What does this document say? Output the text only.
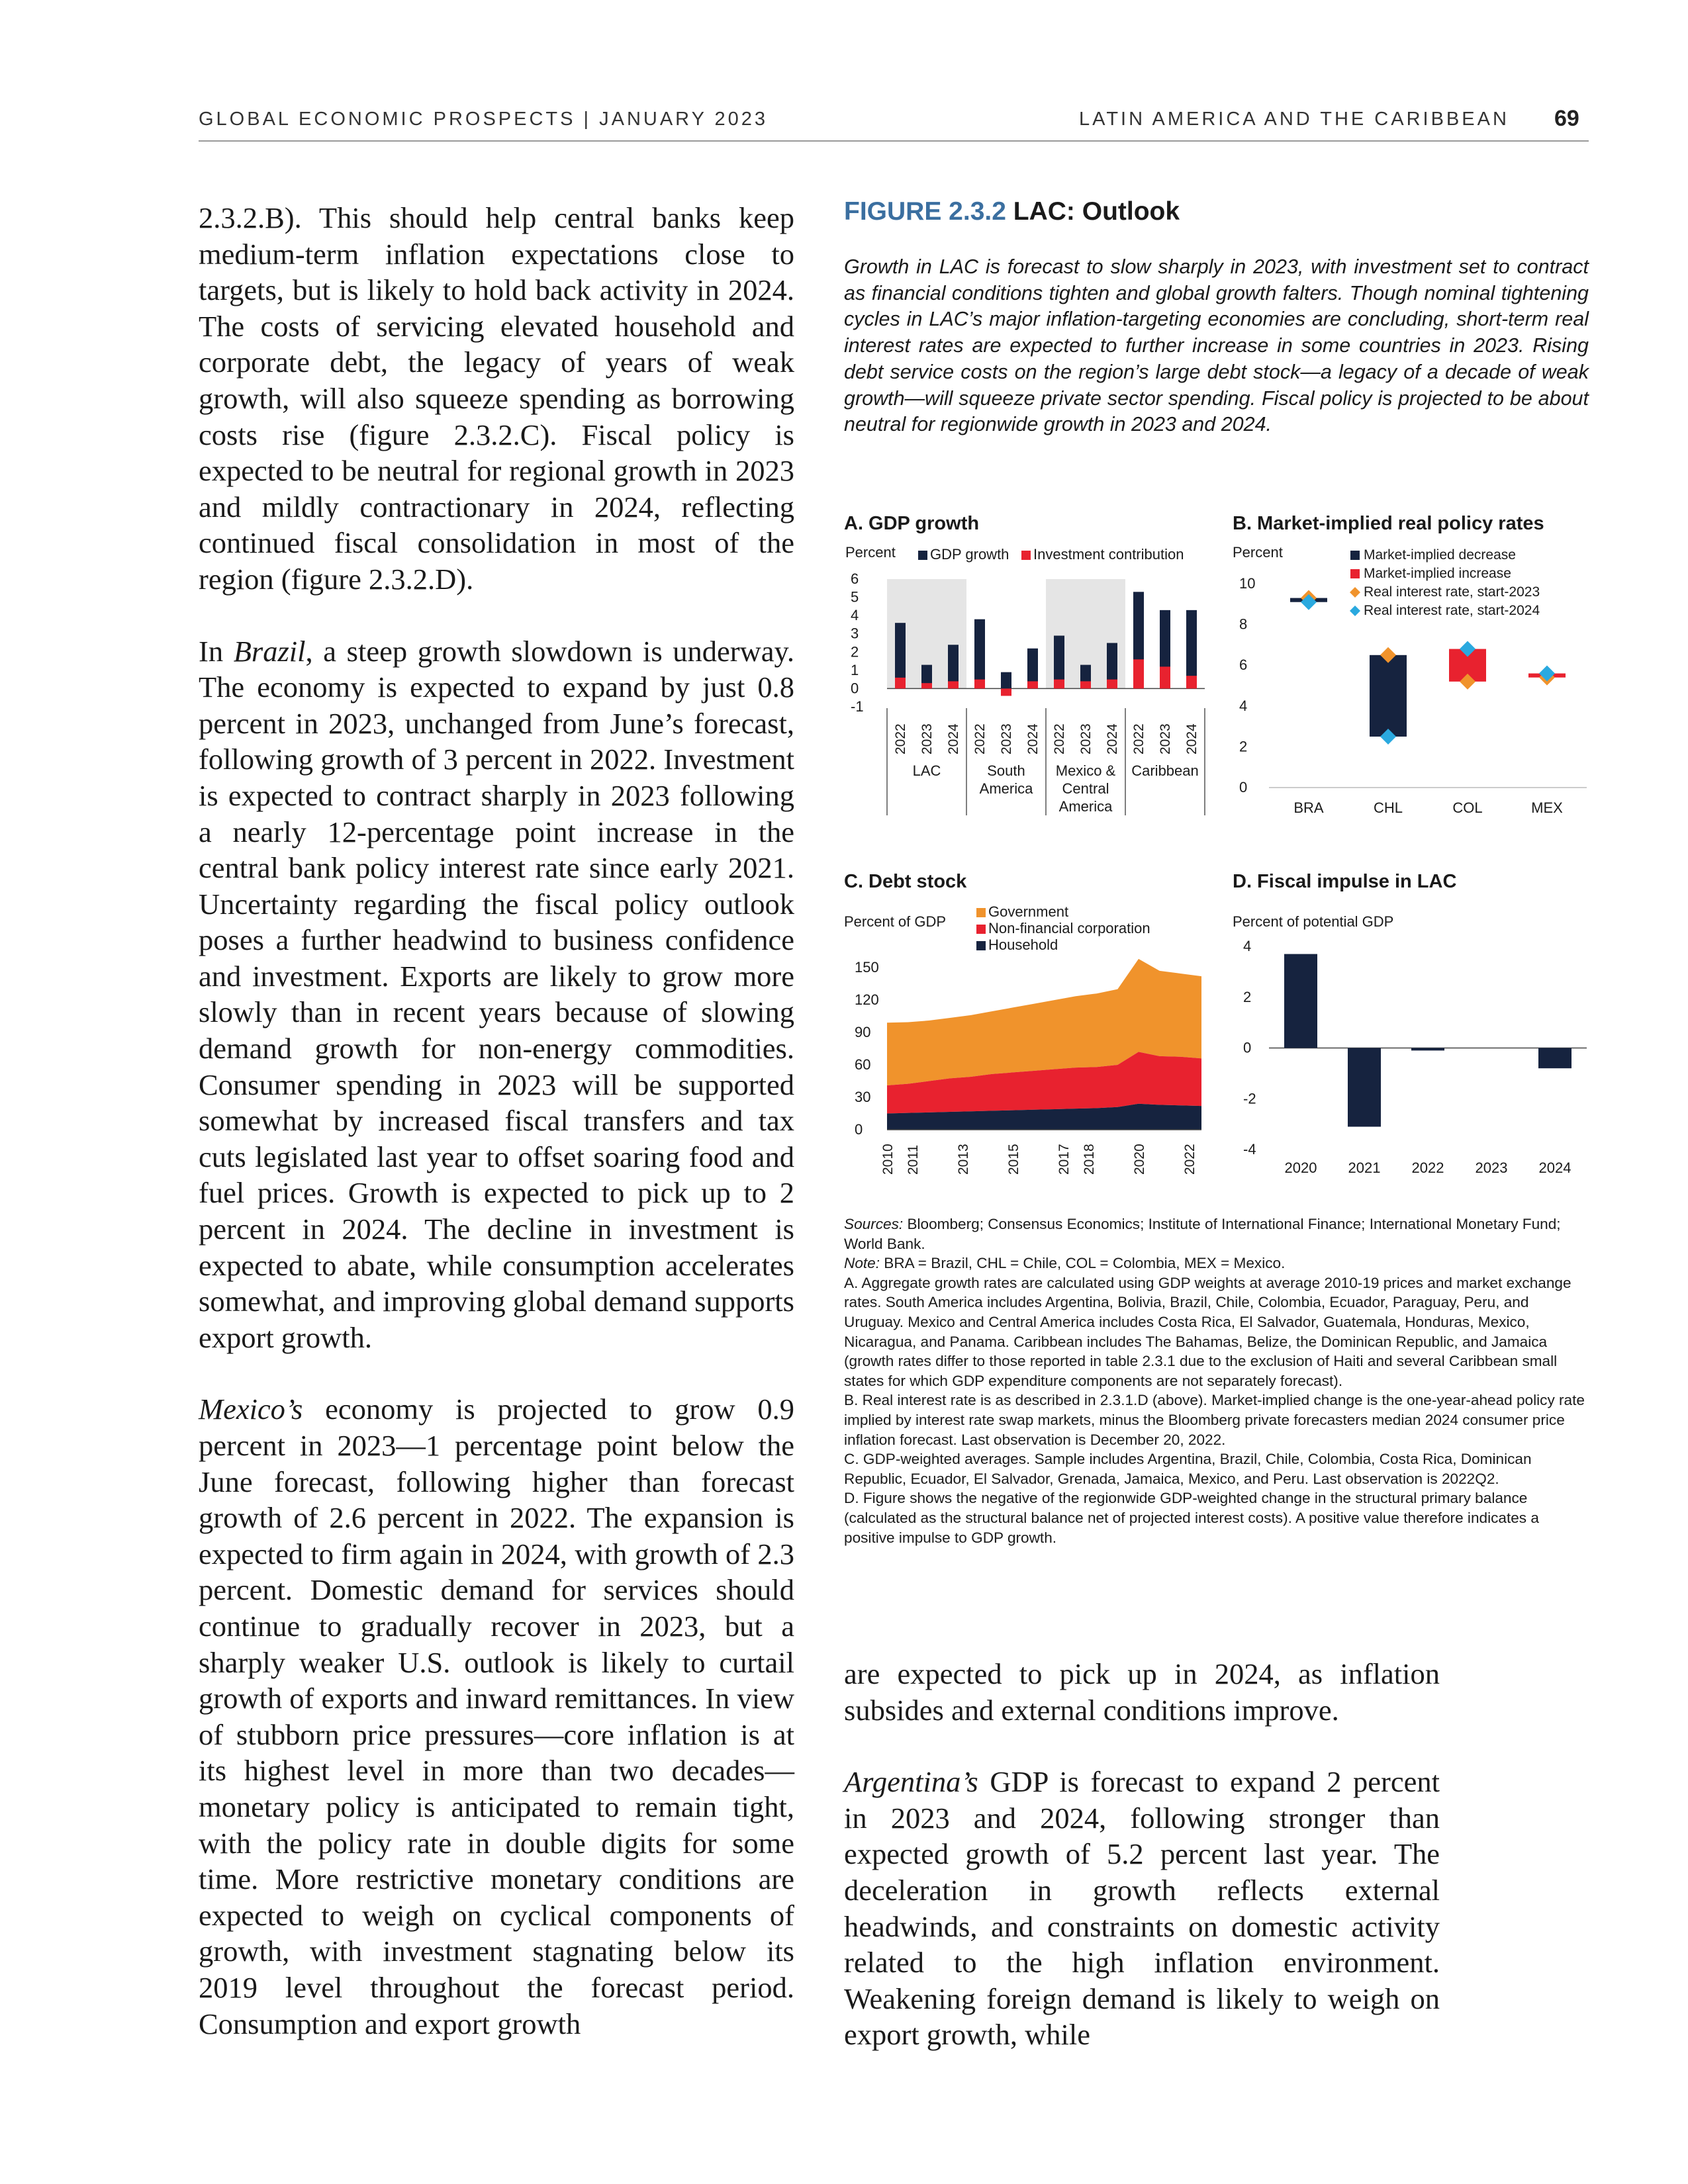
GLOBAL ECONOMIC PROSPECTS | JANUARY 2023	LATIN AMERICA AND THE CARIBBEAN 69

2.3.2.B). This should help central banks keep medium-term inflation expectations close to targets, but is likely to hold back activity in 2024. The costs of servicing elevated household and corporate debt, the legacy of years of weak growth, will also squeeze spending as borrowing costs rise (figure 2.3.2.C). Fiscal policy is expected to be neutral for regional growth in 2023 and mildly contractionary in 2024, reflecting continued fiscal consolidation in most of the region (figure 2.3.2.D).

In Brazil, a steep growth slowdown is underway. The economy is expected to expand by just 0.8 percent in 2023, unchanged from June’s forecast, following growth of 3 percent in 2022. Investment is expected to contract sharply in 2023 following a nearly 12-percentage point increase in the central bank policy interest rate since early 2021. Uncertainty regarding the fiscal policy outlook poses a further headwind to business confidence and investment. Exports are likely to grow more slowly than in recent years because of slowing demand growth for non-energy commodities. Consumer spending in 2023 will be supported somewhat by increased fiscal transfers and tax cuts legislated last year to offset soaring food and fuel prices. Growth is expected to pick up to 2 percent in 2024. The decline in investment is expected to abate, while consumption accelerates somewhat, and improving global demand supports export growth.

Mexico’s economy is projected to grow 0.9 percent in 2023—1 percentage point below the June forecast, following higher than forecast growth of 2.6 percent in 2022. The expansion is expected to firm again in 2024, with growth of 2.3 percent. Domestic demand for services should continue to gradually recover in 2023, but a sharply weaker U.S. outlook is likely to curtail growth of exports and inward remittances. In view of stubborn price pressures—core inflation is at its highest level in more than two decades—monetary policy is anticipated to remain tight, with the policy rate in double digits for some time. More restrictive monetary conditions are expected to weigh on cyclical components of growth, with investment stagnating below its 2019 level throughout the forecast period. Consumption and export growth

FIGURE 2.3.2 LAC: Outlook
Growth in LAC is forecast to slow sharply in 2023, with investment set to contract as financial conditions tighten and global growth falters. Though nominal tightening cycles in LAC’s major inflation-targeting economies are concluding, short-term real interest rates are expected to further increase in some countries in 2023. Rising debt service costs on the region’s large debt stock—a legacy of a decade of weak growth—will squeeze private sector spending. Fiscal policy is projected to be about neutral for regionwide growth in 2023 and 2024.
A. GDP growth
Percent GDP growth Investment contribution
-1
0
1
2
3
4
5
6
2022 2023 2024
LAC
2022 2023 2024
South
America
2022 2023 2024
Mexico &
Central
America
2022 2023 2024
Caribbean
B. Market-implied real policy rates
Percent
0
2
4
6
8
10
Market-implied decrease
Market-implied increase
Real interest rate, start-2023
Real interest rate, start-2024
BRA	CHL	COL	MEX
C. Debt stock
Percent of GDP
0
30
60
90
120
150
Government
Non-financial corporation
Household
2010 2011	2013	2015	2017 2018	2020	2022
D. Fiscal impulse in LAC
Percent of potential GDP
-4
-2
0
2
4
2020 2021 2022 2023 2024

Sources: Bloomberg; Consensus Economics; Institute of International Finance; International Monetary Fund; World Bank.

Note: BRA = Brazil, CHL = Chile, COL = Colombia, MEX = Mexico.

A. Aggregate growth rates are calculated using GDP weights at average 2010-19 prices and market exchange rates. South America includes Argentina, Bolivia, Brazil, Chile, Colombia, Ecuador, Paraguay, Peru, and Uruguay. Mexico and Central America includes Costa Rica, El Salvador, Guatemala, Honduras, Mexico, Nicaragua, and Panama. Caribbean includes The Bahamas, Belize, the Dominican Republic, and Jamaica (growth rates differ to those reported in table 2.3.1 due to the exclusion of Haiti and several Caribbean small states for which GDP expenditure components are not separately forecast).

B. Real interest rate is as described in 2.3.1.D (above). Market-implied change is the one-year-ahead policy rate implied by interest rate swap markets, minus the Bloomberg private forecasters median 2024 consumer price inflation forecast. Last observation is December 20, 2022.

C. GDP-weighted averages. Sample includes Argentina, Brazil, Chile, Colombia, Costa Rica, Dominican Republic, Ecuador, El Salvador, Grenada, Jamaica, Mexico, and Peru. Last observation is 2022Q2.

D. Figure shows the negative of the regionwide GDP-weighted change in the structural primary balance (calculated as the structural balance net of projected interest costs). A positive value therefore indicates a positive impulse to GDP growth.

are expected to pick up in 2024, as inflation subsides and external conditions improve.

Argentina’s GDP is forecast to expand 2 percent in 2023 and 2024, following stronger than expected growth of 5.2 percent last year. The deceleration in growth reflects external headwinds, and constraints on domestic activity related to the high inflation environment. Weakening foreign demand is likely to weigh on export growth, while
